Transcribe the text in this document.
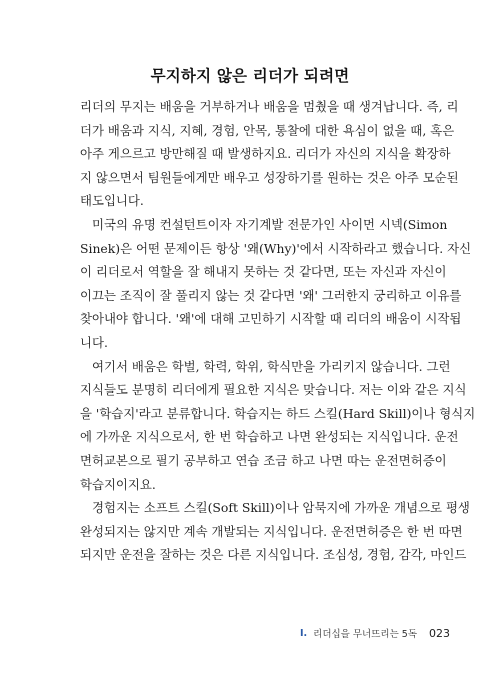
무지하지 않은 리더가 되려면

리더의 무지는 배움을 거부하거나 배움을 멈췄을 때 생겨납니다. 즉, 리
더가 배움과 지식, 지혜, 경험, 안목, 통찰에 대한 욕심이 없을 때, 혹은
아주 게으르고 방만해질 때 발생하지요. 리더가 자신의 지식을 확장하
지 않으면서 팀원들에게만 배우고 성장하기를 원하는 것은 아주 모순된
태도입니다.

미국의 유명 컨설턴트이자 자기계발 전문가인 사이먼 시넥(Simon
Sinek)은 어떤 문제이든 항상 '왜(Why)'에서 시작하라고 했습니다. 자신
이 리더로서 역할을 잘 해내지 못하는 것 같다면, 또는 자신과 자신이
이끄는 조직이 잘 풀리지 않는 것 같다면 '왜' 그러한지 궁리하고 이유를
찾아내야 합니다. '왜'에 대해 고민하기 시작할 때 리더의 배움이 시작됩
니다.

여기서 배움은 학벌, 학력, 학위, 학식만을 가리키지 않습니다. 그런
지식들도 분명히 리더에게 필요한 지식은 맞습니다. 저는 이와 같은 지식
을 '학습지'라고 분류합니다. 학습지는 하드 스킬(Hard Skill)이나 형식지
에 가까운 지식으로서, 한 번 학습하고 나면 완성되는 지식입니다. 운전
면허교본으로 필기 공부하고 연습 조금 하고 나면 따는 운전면허증이
학습지이지요.

경험지는 소프트 스킬(Soft Skill)이나 암묵지에 가까운 개념으로 평생
완성되지는 않지만 계속 개발되는 지식입니다. 운전면허증은 한 번 따면
되지만 운전을 잘하는 것은 다른 지식입니다. 조심성, 경험, 감각, 마인드

I. 리더십을 무너뜨리는 5독 023
